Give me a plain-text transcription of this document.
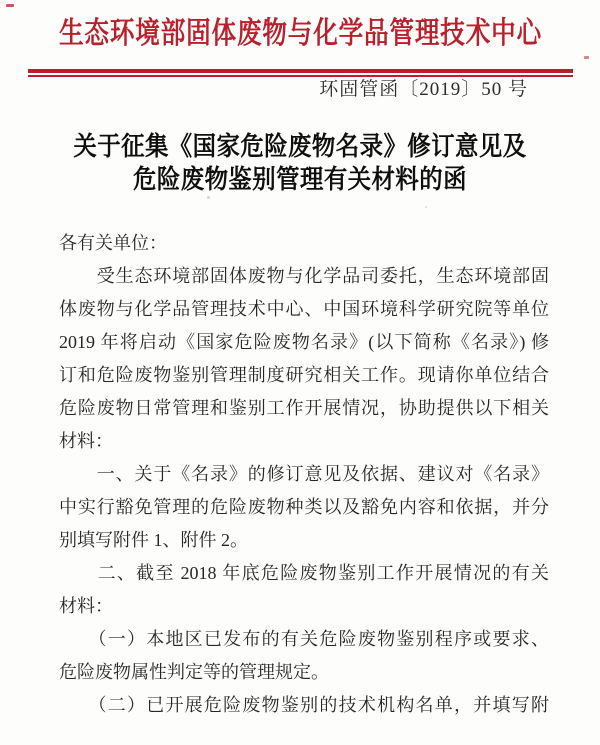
生态环境部固体废物与化学品管理技术中心
环固管函〔2019〕50 号
关于征集《国家危险废物名录》修订意见及
危险废物鉴别管理有关材料的函
各有关单位：
　　受生态环境部固体废物与化学品司委托，生态环境部固
体废物与化学品管理技术中心、中国环境科学研究院等单位
2019 年将启动《国家危险废物名录》(以下简称《名录》) 修
订和危险废物鉴别管理制度研究相关工作。现请你单位结合
危险废物日常管理和鉴别工作开展情况，协助提供以下相关
材料：
　　一、关于《名录》的修订意见及依据、建议对《名录》
中实行豁免管理的危险废物种类以及豁免内容和依据，并分
别填写附件 1、附件 2。
　　二、截至 2018 年底危险废物鉴别工作开展情况的有关
材料：
　　（一）本地区已发布的有关危险废物鉴别程序或要求、
危险废物属性判定等的管理规定。
　　（二）已开展危险废物鉴别的技术机构名单，并填写附
